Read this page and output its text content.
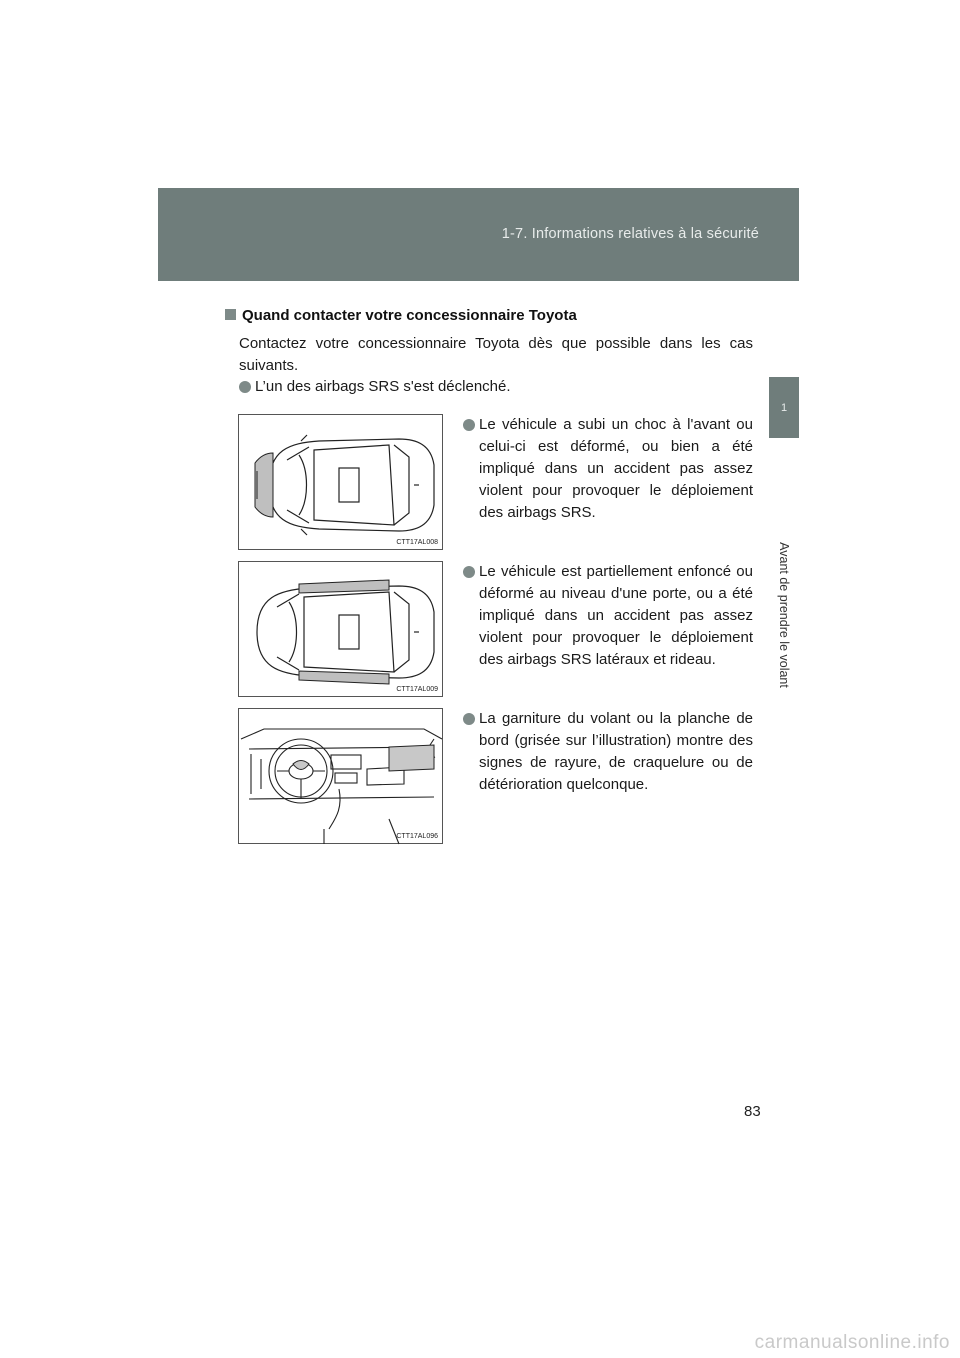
1-7. Informations relatives à la sécurité
1
Avant de prendre le volant
Quand contacter votre concessionnaire Toyota
Contactez votre concessionnaire Toyota dès que possible dans les cas suivants.
L’un des airbags SRS s'est déclenché.
CTT17AL008
Le véhicule a subi un choc à l'avant ou celui-ci est déformé, ou bien a été impliqué dans un accident pas assez violent pour provoquer le déploiement des airbags SRS.
CTT17AL009
Le véhicule est partiellement enfoncé ou déformé au niveau d'une porte, ou a été impliqué dans un accident pas assez violent pour provoquer le déploiement des airbags SRS latéraux et rideau.
CTT17AL096
La garniture du volant ou la planche de bord (grisée sur l’illustration) montre des signes de rayure, de craquelure ou de détérioration quelconque.
83
carmanualsonline.info
